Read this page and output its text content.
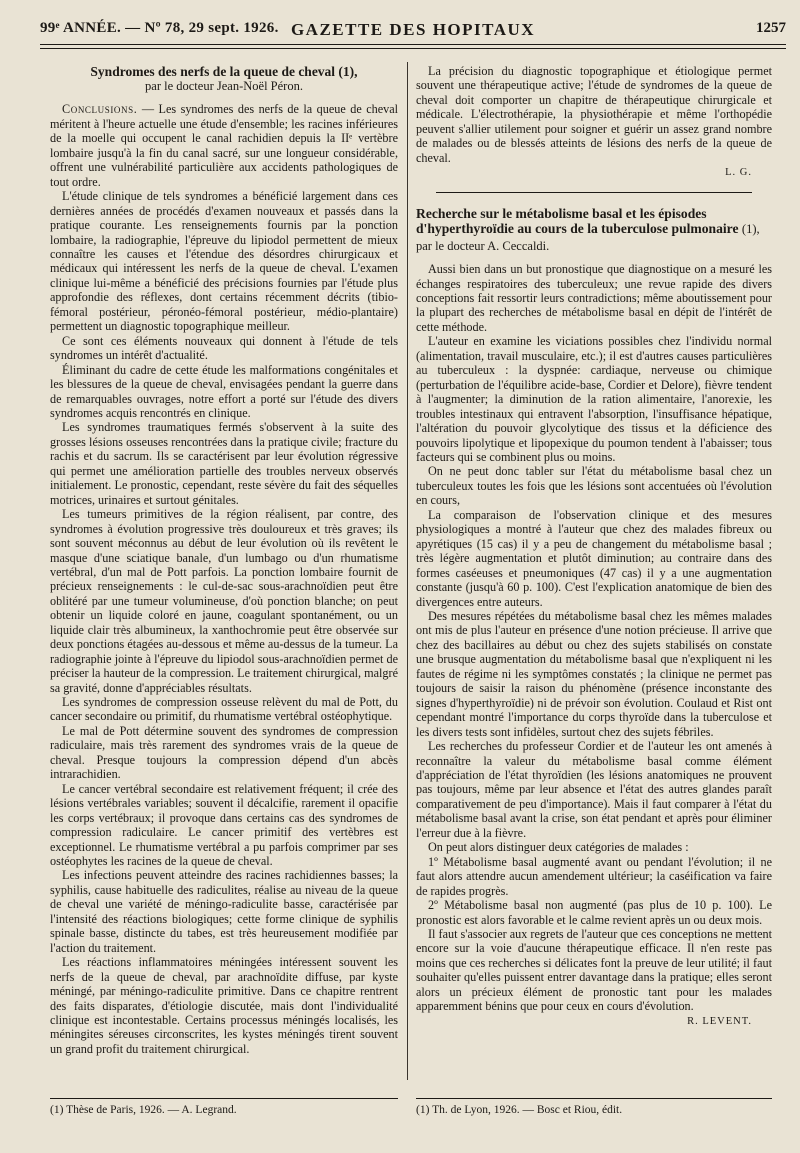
99ᵉ ANNÉE. — Nº 78, 29 sept. 1926. GAZETTE DES HOPITAUX	1257

Syndromes des nerfs de la queue de cheval (1),

par le docteur Jean-Noël Péron.

Conclusions. — Les syndromes des nerfs de la queue de cheval méritent à l'heure actuelle une étude d'ensemble; les racines inférieures de la moelle qui occupent le canal rachidien depuis la IIᵉ vertèbre lombaire jusqu'à la fin du canal sacré, sur une longueur considérable, offrent une vulnérabilité particulière aux accidents pathologiques de tout ordre.

L'étude clinique de tels syndromes a bénéficié largement dans ces dernières années de procédés d'examen nouveaux et passés dans la pratique courante. Les renseignements fournis par la ponction lombaire, la radiographie, l'épreuve du lipiodol permettent de mieux connaître les causes et l'étendue des désordres chirurgicaux et médicaux qui intéressent les nerfs de la queue de cheval. L'examen clinique lui-même a bénéficié des précisions fournies par l'étude plus approfondie des réflexes, dont certains récemment décrits (tibio-fémoral postérieur, péronéo-fémoral postérieur, médio-plantaire) permettent un diagnostic topographique meilleur.

Ce sont ces éléments nouveaux qui donnent à l'étude de tels syndromes un intérêt d'actualité.

Éliminant du cadre de cette étude les malformations congénitales et les blessures de la queue de cheval, envisagées pendant la guerre dans de remarquables ouvrages, notre effort a porté sur l'étude des divers syndromes acquis rencontrés en clinique.

Les syndromes traumatiques fermés s'observent à la suite des grosses lésions osseuses rencontrées dans la pratique civile; fracture du rachis et du sacrum. Ils se caractérisent par leur évolution régressive qui permet une amélioration partielle des troubles nerveux observés initialement. Le pronostic, cependant, reste sévère du fait des séquelles motrices, urinaires et surtout génitales.

Les tumeurs primitives de la région réalisent, par contre, des syndromes à évolution progressive très douloureux et très graves; ils sont souvent méconnus au début de leur évolution où ils revêtent le masque d'une sciatique banale, d'un lumbago ou d'un rhumatisme vertébral, d'un mal de Pott parfois. La ponction lombaire fournit de précieux renseignements : le cul-de-sac sous-arachnoïdien peut être oblitéré par une tumeur volumineuse, d'où ponction blanche; on peut obtenir un liquide coloré en jaune, coagulant spontanément, ou un liquide clair très albumineux, la xanthochromie peut être observée sur deux ponctions étagées au-dessous et même au-dessus de la tumeur. La radiographie jointe à l'épreuve du lipiodol sous-arachnoïdien permet de préciser la hauteur de la compression. Le traitement chirurgical, malgré sa gravité, donne d'appréciables résultats.

Les syndromes de compression osseuse relèvent du mal de Pott, du cancer secondaire ou primitif, du rhumatisme vertébral ostéophytique.

Le mal de Pott détermine souvent des syndromes de compression radiculaire, mais très rarement des syndromes vrais de la queue de cheval. Presque toujours la compression dépend d'un abcès intrarachidien.

Le cancer vertébral secondaire est relativement fréquent; il crée des lésions vertébrales variables; souvent il décalcifie, rarement il opacifie les corps vertébraux; il provoque dans certains cas des syndromes de compression radiculaire. Le cancer primitif des vertèbres est exceptionnel. Le rhumatisme vertébral a pu parfois comprimer par ses ostéophytes les racines de la queue de cheval.

Les infections peuvent atteindre des racines rachidiennes basses; la syphilis, cause habituelle des radiculites, réalise au niveau de la queue de cheval une variété de méningo-radiculite basse, caractérisée par l'intensité des réactions biologiques; cette forme clinique de syphilis spinale basse, distincte du tabes, est très heureusement modifiée par l'action du traitement.

Les réactions inflammatoires méningées intéressent souvent les nerfs de la queue de cheval, par arachnoïdite diffuse, par kyste méningé, par méningo-radiculite primitive. Dans ce chapitre rentrent des faits disparates, d'étiologie discutée, mais dont l'individualité clinique est incontestable. Certains processus méningés localisés, les méningites séreuses circonscrites, les kystes méningés tirent souvent un grand profit du traitement chirurgical.

La précision du diagnostic topographique et étiologique permet souvent une thérapeutique active; l'étude de syndromes de la queue de cheval doit comporter un chapitre de thérapeutique chirurgicale et médicale. L'électrothérapie, la physiothérapie et même l'orthopédie peuvent s'allier utilement pour soigner et guérir un assez grand nombre de malades ou de blessés atteints de lésions des nerfs de la queue de cheval.

L. G.

Recherche sur le métabolisme basal et les épisodes d'hyperthyroïdie au cours de la tuberculose pulmonaire (1), par le docteur A. Ceccaldi.

Aussi bien dans un but pronostique que diagnostique on a mesuré les échanges respiratoires des tuberculeux; une revue rapide des divers conceptions fait ressortir leurs contradictions; même aboutissement pour la plupart des recherches de métabolisme basal en dépit de l'intérêt de cette méthode.

L'auteur en examine les viciations possibles chez l'individu normal (alimentation, travail musculaire, etc.); il est d'autres causes particulières au tuberculeux : la dyspnée: cardiaque, nerveuse ou chimique (perturbation de l'équilibre acide-base, Cordier et Delore), fièvre tendent à l'augmenter; la diminution de la ration alimentaire, l'anorexie, les troubles intestinaux qui entravent l'absorption, l'insuffisance hépatique, l'altération du pouvoir glycolytique des tissus et la déficience des pouvoirs lipolytique et lipopexique du poumon tendent à l'abaisser; tous facteurs qui se combinent plus ou moins.

On ne peut donc tabler sur l'état du métabolisme basal chez un tuberculeux toutes les fois que les lésions sont accentuées où l'évolution en cours,

La comparaison de l'observation clinique et des mesures physiologiques a montré à l'auteur que chez des malades fibreux ou apyrétiques (15 cas) il y a peu de changement du métabolisme basal ; très légère augmentation et plutôt diminution; au contraire dans des formes caséeuses et pneumoniques (47 cas) il y a une augmentation constante (jusqu'à 60 p. 100). C'est l'explication anatomique de bien des divergences entre auteurs.

Des mesures répétées du métabolisme basal chez les mêmes malades ont mis de plus l'auteur en présence d'une notion précieuse. Il arrive que chez des bacillaires au début ou chez des sujets stabilisés on constate une brusque augmentation du métabolisme basal que n'expliquent ni les fautes de régime ni les symptômes constatés ; la clinique ne permet pas toujours de saisir la raison du phénomène (présence inconstante des signes d'hyperthyroïdie) ni de prévoir son évolution. Coulaud et Rist ont cependant montré l'importance du corps thyroïde dans la tuberculose et les divers tests sont infidèles, surtout chez des sujets fébriles.

Les recherches du professeur Cordier et de l'auteur les ont amenés à reconnaître la valeur du métabolisme basal comme élément d'appréciation de l'état thyroïdien (les lésions anatomiques ne prouvent pas toujours, même par leur absence et l'état des autres glandes paraît comparativement de peu d'importance). Mais il faut comparer à l'état du métabolisme basal avant la crise, son état pendant et après pour éliminer l'erreur due à la fièvre.

On peut alors distinguer deux catégories de malades :

1º Métabolisme basal augmenté avant ou pendant l'évolution; il ne faut alors attendre aucun amendement ultérieur; la caséification va faire de rapides progrès.

2º Métabolisme basal non augmenté (pas plus de 10 p. 100). Le pronostic est alors favorable et le calme revient après un ou deux mois.

Il faut s'associer aux regrets de l'auteur que ces conceptions ne mettent encore sur la voie d'aucune thérapeutique efficace. Il n'en reste pas moins que ces recherches si délicates font la preuve de leur utilité; il faut souhaiter qu'elles puissent entrer davantage dans la pratique; elles seront alors un précieux élément de pronostic tant pour les malades apparemment bénins que pour ceux en cours d'évolution.

R. LEVENT.

(1) Thèse de Paris, 1926. — A. Legrand.	(1) Th. de Lyon, 1926. — Bosc et Riou, édit.
